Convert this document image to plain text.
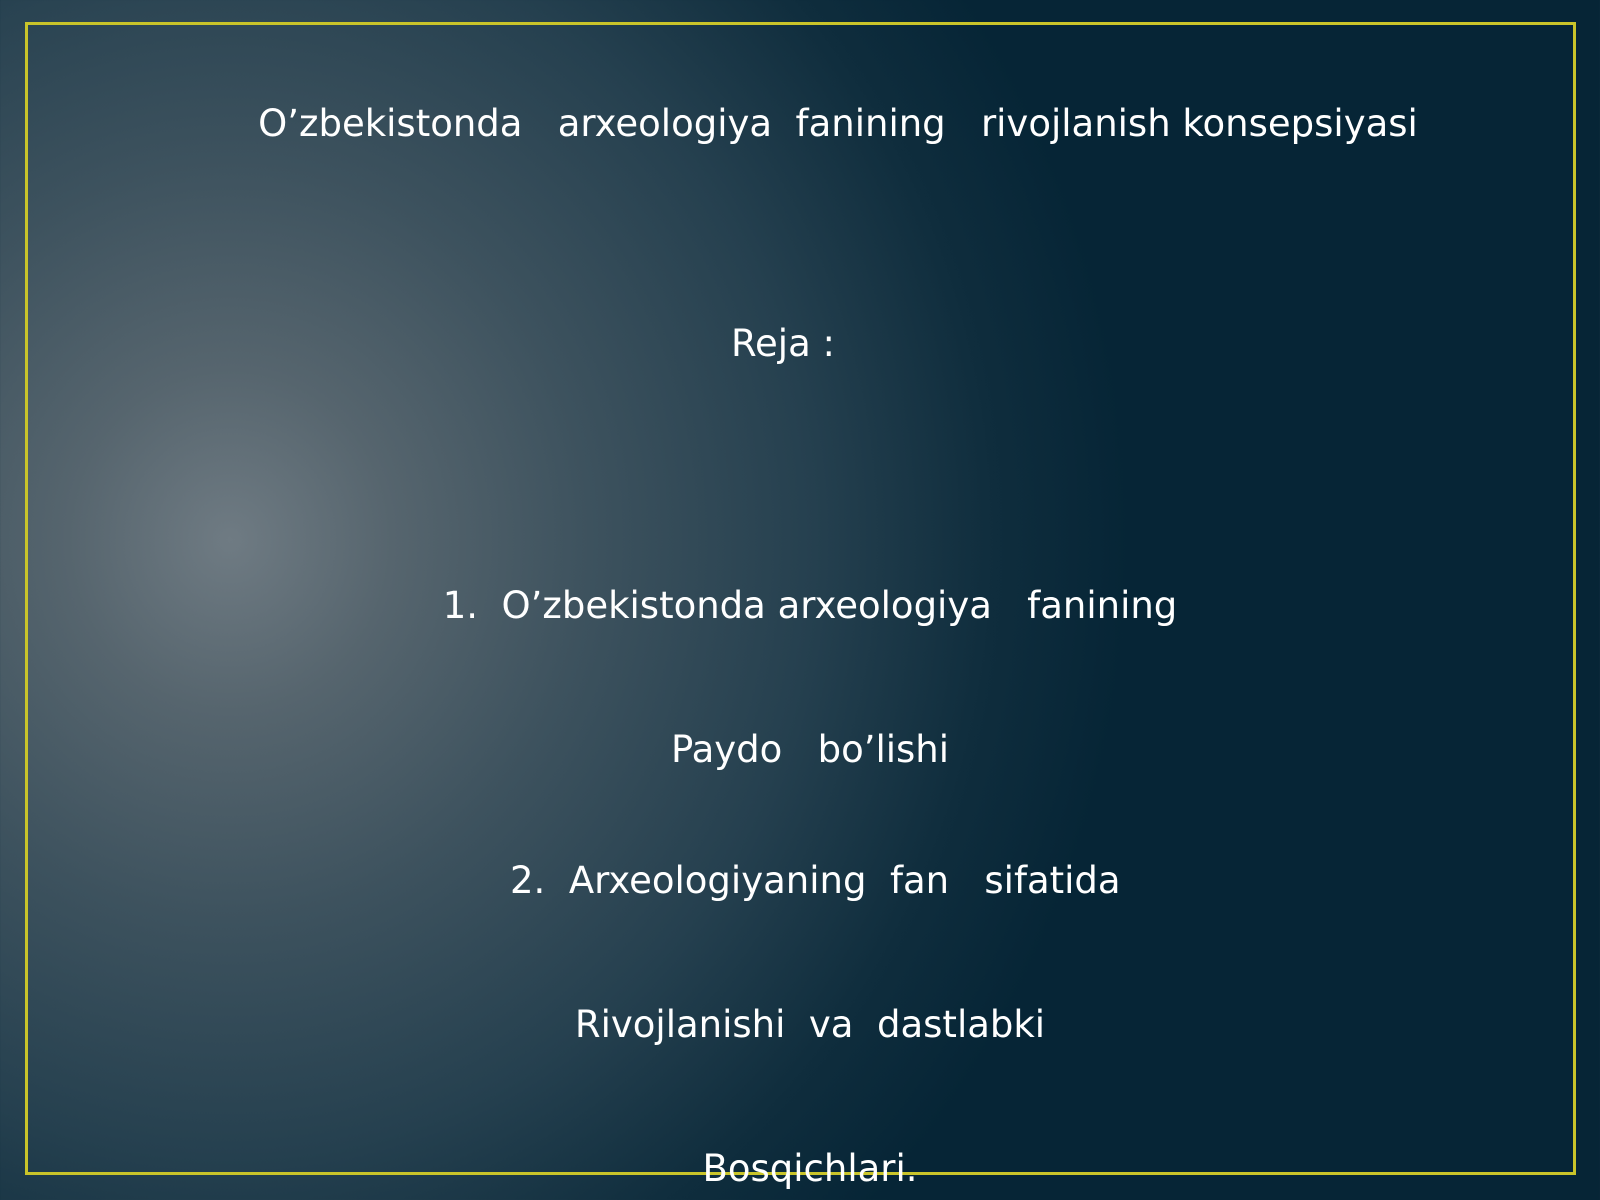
O’zbekistonda   arxeologiya  fanining   rivojlanish konsepsiyasi
Reja :

1.  O’zbekistonda arxeologiya   fanining

Paydo   bo’lishi

2.  Arxeologiyaning  fan   sifatida

Rivojlanishi  va  dastlabki

Bosqichlari.
